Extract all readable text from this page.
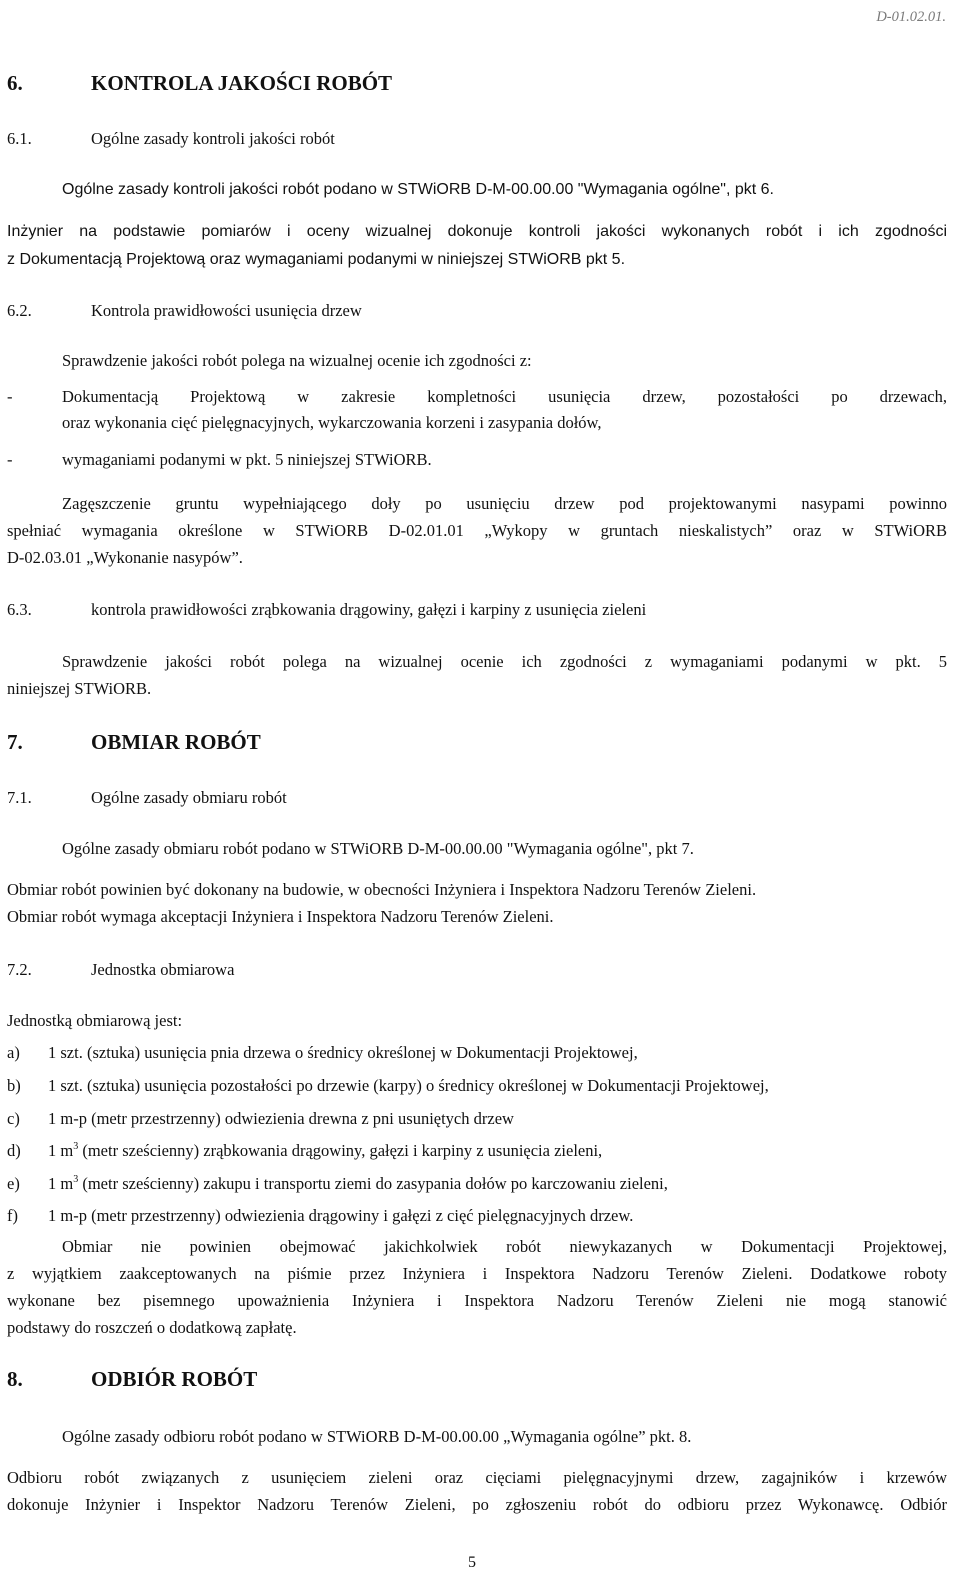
D-01.02.01.
6.	KONTROLA JAKOŚCI ROBÓT
6.1.	Ogólne zasady kontroli jakości robót
Ogólne zasady kontroli jakości robót podano w STWiORB D-M-00.00.00 "Wymagania ogólne", pkt 6.
Inżynier na podstawie pomiarów i oceny wizualnej dokonuje kontroli jakości wykonanych robót i ich zgodności
z Dokumentacją Projektową oraz wymaganiami podanymi w niniejszej STWiORB pkt 5.
6.2.	Kontrola prawidłowości usunięcia drzew
Sprawdzenie jakości robót polega na wizualnej ocenie ich zgodności z:
-	Dokumentacją Projektową w zakresie kompletności usunięcia drzew, pozostałości po drzewach,
oraz wykonania cięć pielęgnacyjnych, wykarczowania korzeni i zasypania dołów,
-	wymaganiami podanymi w pkt. 5 niniejszej STWiORB.
Zagęszczenie gruntu wypełniającego doły po usunięciu drzew pod projektowanymi nasypami powinno
spełniać wymagania określone w STWiORB D-02.01.01 „Wykopy w gruntach nieskalistych” oraz w STWiORB
D-02.03.01 „Wykonanie nasypów”.
6.3.	kontrola prawidłowości zrąbkowania drągowiny, gałęzi i karpiny z usunięcia zieleni
Sprawdzenie jakości robót polega na wizualnej ocenie ich zgodności z wymaganiami podanymi w pkt. 5
niniejszej STWiORB.
7.	OBMIAR ROBÓT
7.1.	Ogólne zasady obmiaru robót
Ogólne zasady obmiaru robót podano w STWiORB D-M-00.00.00 "Wymagania ogólne", pkt 7.
Obmiar robót powinien być dokonany na budowie, w obecności Inżyniera i Inspektora Nadzoru Terenów Zieleni.
Obmiar robót wymaga akceptacji Inżyniera i Inspektora Nadzoru Terenów Zieleni.
7.2.	Jednostka obmiarowa
Jednostką obmiarową jest:
a) 1 szt. (sztuka) usunięcia pnia drzewa o średnicy określonej w Dokumentacji Projektowej,
b) 1 szt. (sztuka) usunięcia pozostałości po drzewie (karpy) o średnicy określonej w Dokumentacji Projektowej,
c) 1 m-p (metr przestrzenny) odwiezienia drewna z pni usuniętych drzew
d) 1 $m^3$ (metr sześcienny) zrąbkowania drągowiny, gałęzi i karpiny z usunięcia zieleni,
e) 1 $m^3$ (metr sześcienny) zakupu i transportu ziemi do zasypania dołów po karczowaniu zieleni,
f) 1 m-p (metr przestrzenny) odwiezienia drągowiny i gałęzi z cięć pielęgnacyjnych drzew.
Obmiar nie powinien obejmować jakichkolwiek robót niewykazanych w Dokumentacji Projektowej,
z wyjątkiem zaakceptowanych na piśmie przez Inżyniera i Inspektora Nadzoru Terenów Zieleni. Dodatkowe roboty
wykonane bez pisemnego upoważnienia Inżyniera i Inspektora Nadzoru Terenów Zieleni nie mogą stanowić
podstawy do roszczeń o dodatkową zapłatę.
8.	ODBIÓR ROBÓT
Ogólne zasady odbioru robót podano w STWiORB D-M-00.00.00 „Wymagania ogólne” pkt. 8.
Odbioru robót związanych z usunięciem zieleni oraz cięciami pielęgnacyjnymi drzew, zagajników i krzewów
dokonuje Inżynier i Inspektor Nadzoru Terenów Zieleni, po zgłoszeniu robót do odbioru przez Wykonawcę. Odbiór
5
